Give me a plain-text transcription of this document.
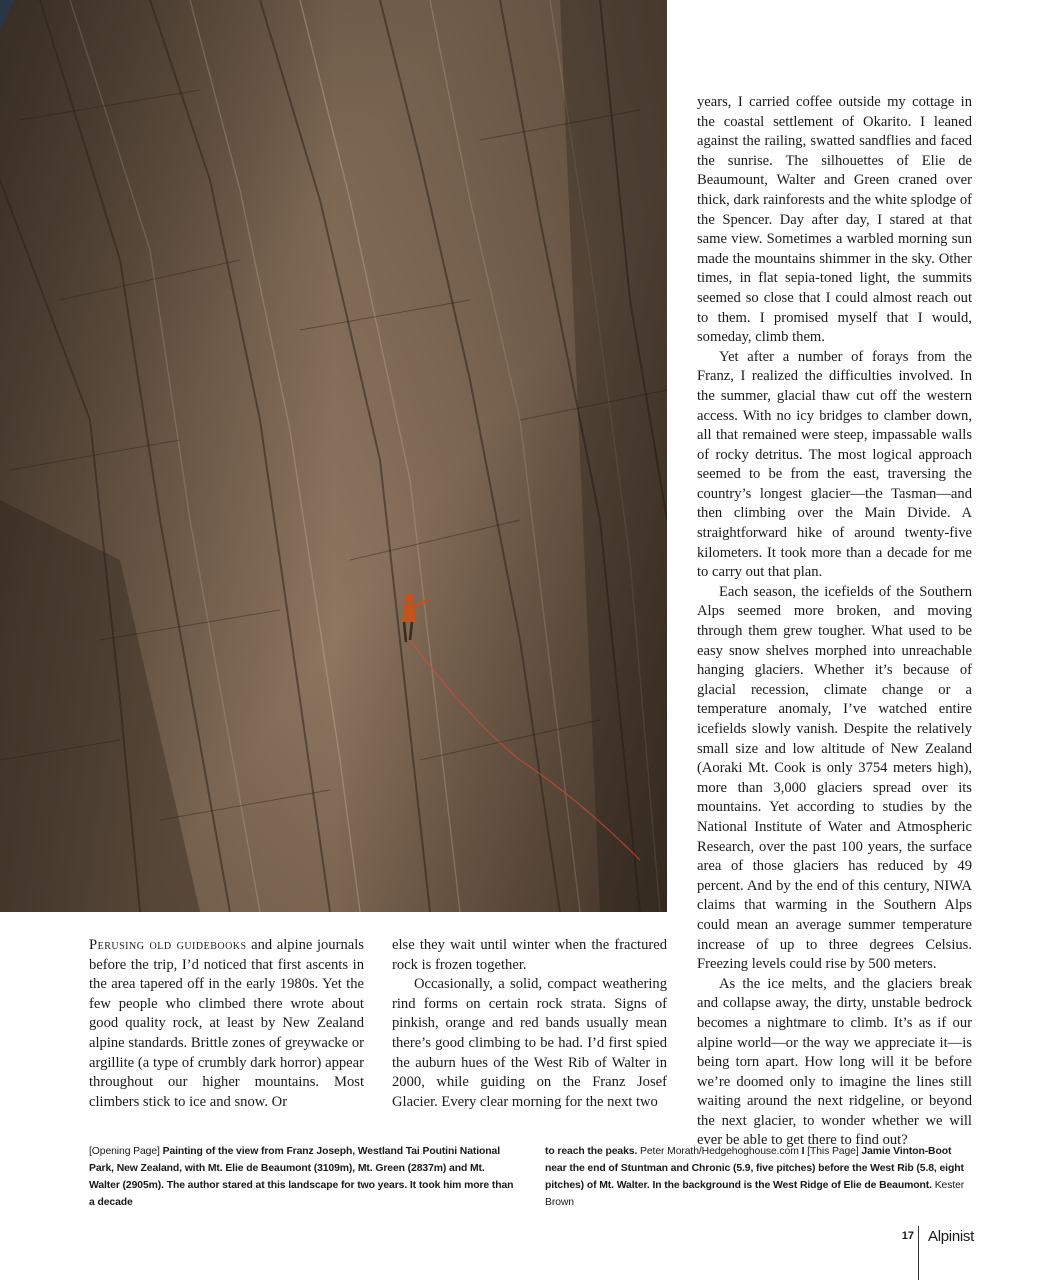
Perusing old guidebooks and alpine journals before the trip, I’d noticed that first ascents in the area tapered off in the early 1980s. Yet the few people who climbed there wrote about good quality rock, at least by New Zealand alpine standards. Brittle zones of greywacke or argillite (a type of crumbly dark horror) appear throughout our higher mountains. Most climbers stick to ice and snow. Or

else they wait until winter when the fractured rock is frozen together.

Occasionally, a solid, compact weathering rind forms on certain rock strata. Signs of pinkish, orange and red bands usually mean there’s good climbing to be had. I’d first spied the auburn hues of the West Rib of Walter in 2000, while guiding on the Franz Josef Glacier. Every clear morning for the next two

years, I carried coffee outside my cottage in the coastal settlement of Okarito. I leaned against the railing, swatted sandflies and faced the sunrise. The silhouettes of Elie de Beaumount, Walter and Green craned over thick, dark rainforests and the white splodge of the Spencer. Day after day, I stared at that same view. Sometimes a warbled morning sun made the mountains shimmer in the sky. Other times, in flat sepia-toned light, the summits seemed so close that I could almost reach out to them. I promised myself that I would, someday, climb them.

Yet after a number of forays from the Franz, I realized the difficulties involved. In the summer, glacial thaw cut off the western access. With no icy bridges to clamber down, all that remained were steep, impassable walls of rocky detritus. The most logical approach seemed to be from the east, traversing the country’s longest glacier—the Tasman—and then climbing over the Main Divide. A straightforward hike of around twenty-five kilometers. It took more than a decade for me to carry out that plan.

Each season, the icefields of the Southern Alps seemed more broken, and moving through them grew tougher. What used to be easy snow shelves morphed into unreachable hanging glaciers. Whether it’s because of glacial recession, climate change or a temperature anomaly, I’ve watched entire icefields slowly vanish. Despite the relatively small size and low altitude of New Zealand (Aoraki Mt. Cook is only 3754 meters high), more than 3,000 glaciers spread over its mountains. Yet according to studies by the National Institute of Water and Atmospheric Research, over the past 100 years, the surface area of those glaciers has reduced by 49 percent. And by the end of this century, NIWA claims that warming in the Southern Alps could mean an average summer temperature increase of up to three degrees Celsius. Freezing levels could rise by 500 meters.

As the ice melts, and the glaciers break and collapse away, the dirty, unstable bedrock becomes a nightmare to climb. It’s as if our alpine world—or the way we appreciate it—is being torn apart. How long will it be before we’re doomed only to imagine the lines still waiting around the next ridgeline, or beyond the next glacier, to wonder whether we will ever be able to get there to find out?

[Opening Page] Painting of the view from Franz Joseph, Westland Tai Poutini National Park, New Zealand, with Mt. Elie de Beaumont (3109m), Mt. Green (2837m) and Mt. Walter (2905m). The author stared at this landscape for two years. It took him more than a decade
to reach the peaks. Peter Morath/Hedgehoghouse.com I [This Page] Jamie Vinton-Boot near the end of Stuntman and Chronic (5.9, five pitches) before the West Rib (5.8, eight pitches) of Mt. Walter. In the background is the West Ridge of Elie de Beaumont. Kester Brown
17 Alpinist
